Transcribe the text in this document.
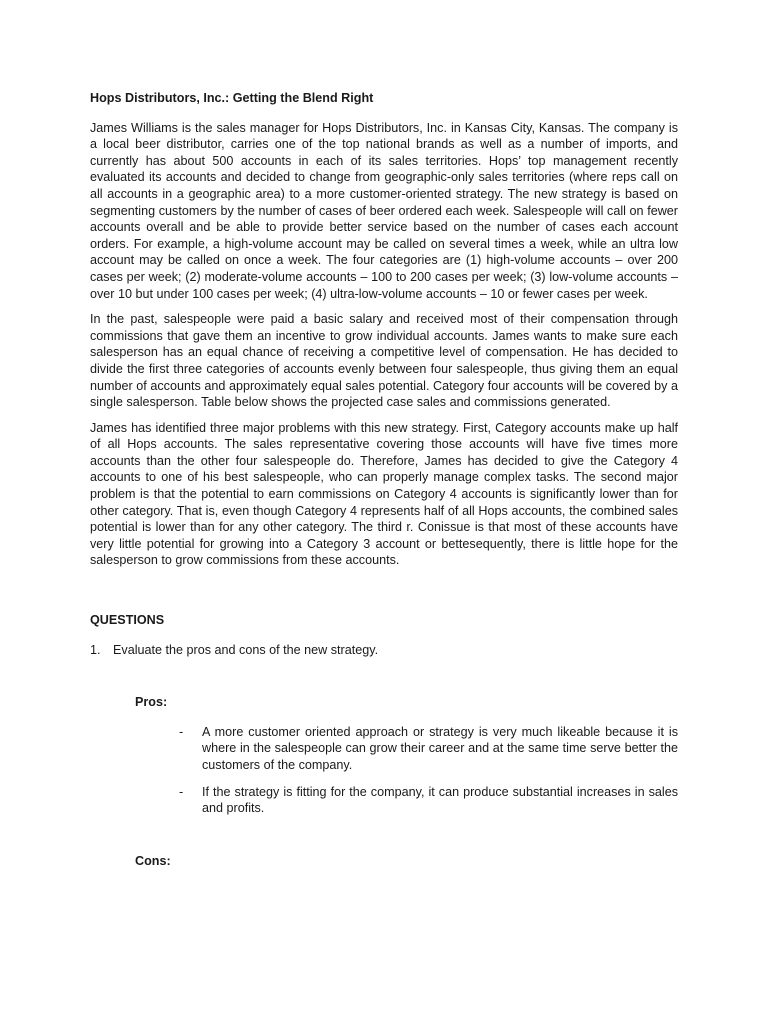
Hops Distributors, Inc.: Getting the Blend Right

James Williams is the sales manager for Hops Distributors, Inc. in Kansas City, Kansas. The company is a local beer distributor, carries one of the top national brands as well as a number of imports, and currently has about 500 accounts in each of its sales territories. Hops’ top management recently evaluated its accounts and decided to change from geographic-only sales territories (where reps call on all accounts in a geographic area) to a more customer-oriented strategy. The new strategy is based on segmenting customers by the number of cases of beer ordered each week. Salespeople will call on fewer accounts overall and be able to provide better service based on the number of cases each account orders. For example, a high-volume account may be called on several times a week, while an ultra low account may be called on once a week. The four categories are (1) high-volume accounts – over 200 cases per week; (2) moderate-volume accounts – 100 to 200 cases per week; (3) low-volume accounts – over 10 but under 100 cases per week; (4) ultra-low-volume accounts – 10 or fewer cases per week.

In the past, salespeople were paid a basic salary and received most of their compensation through commissions that gave them an incentive to grow individual accounts. James wants to make sure each salesperson has an equal chance of receiving a competitive level of compensation. He has decided to divide the first three categories of accounts evenly between four salespeople, thus giving them an equal number of accounts and approximately equal sales potential. Category four accounts will be covered by a single salesperson. Table below shows the projected case sales and commissions generated.

James has identified three major problems with this new strategy. First, Category accounts make up half of all Hops accounts. The sales representative covering those accounts will have five times more accounts than the other four salespeople do. Therefore, James has decided to give the Category 4 accounts to one of his best salespeople, who can properly manage complex tasks. The second major problem is that the potential to earn commissions on Category 4 accounts is significantly lower than for other category. That is, even though Category 4 represents half of all Hops accounts, the combined sales potential is lower than for any other category. The third r. Conissue is that most of these accounts have very little potential for growing into a Category 3 account or bettesequently, there is little hope for the salesperson to grow commissions from these accounts.

QUESTIONS
1. Evaluate the pros and cons of the new strategy.
Pros:
-	A more customer oriented approach or strategy is very much likeable because it is where in the salespeople can grow their career and at the same time serve better the customers of the company.
-	If the strategy is fitting for the company, it can produce substantial increases in sales and profits.
Cons:
